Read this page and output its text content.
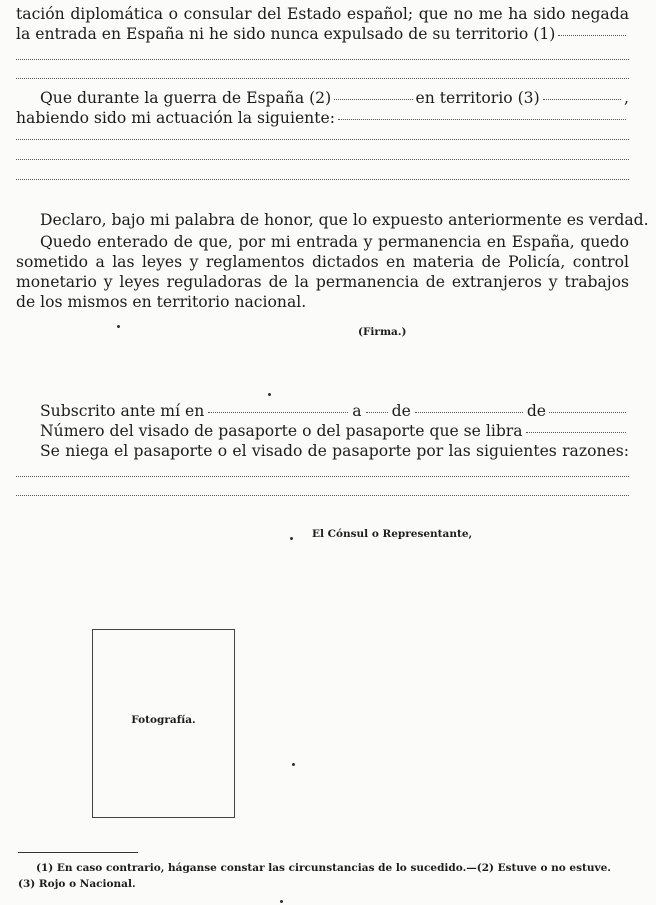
tación diplomática o consular del Estado español; que no me ha sido negada
la entrada en España ni he sido nunca expulsado de su territorio (1)
Que durante la guerra de España (2)	en territorio (3)	,
habiendo sido mi actuación la siguiente:
Declaro, bajo mi palabra de honor, que lo expuesto anteriormente es verdad.
Quedo enterado de que, por mi entrada y permanencia en España, quedo
sometido a las leyes y reglamentos dictados en materia de Policía, control
monetario y leyes reguladoras de la permanencia de extranjeros y trabajos
de los mismos en territorio nacional.
(Firma.)
Subscrito ante mí en	a de	de
Número del visado de pasaporte o del pasaporte que se libra
Se niega el pasaporte o el visado de pasaporte por las siguientes razones:
El Cónsul o Representante,
Fotografía.
(1) En caso contrario, háganse constar las circunstancias de lo sucedido.—(2) Estuve o no estuve.
(3) Rojo o Nacional.
